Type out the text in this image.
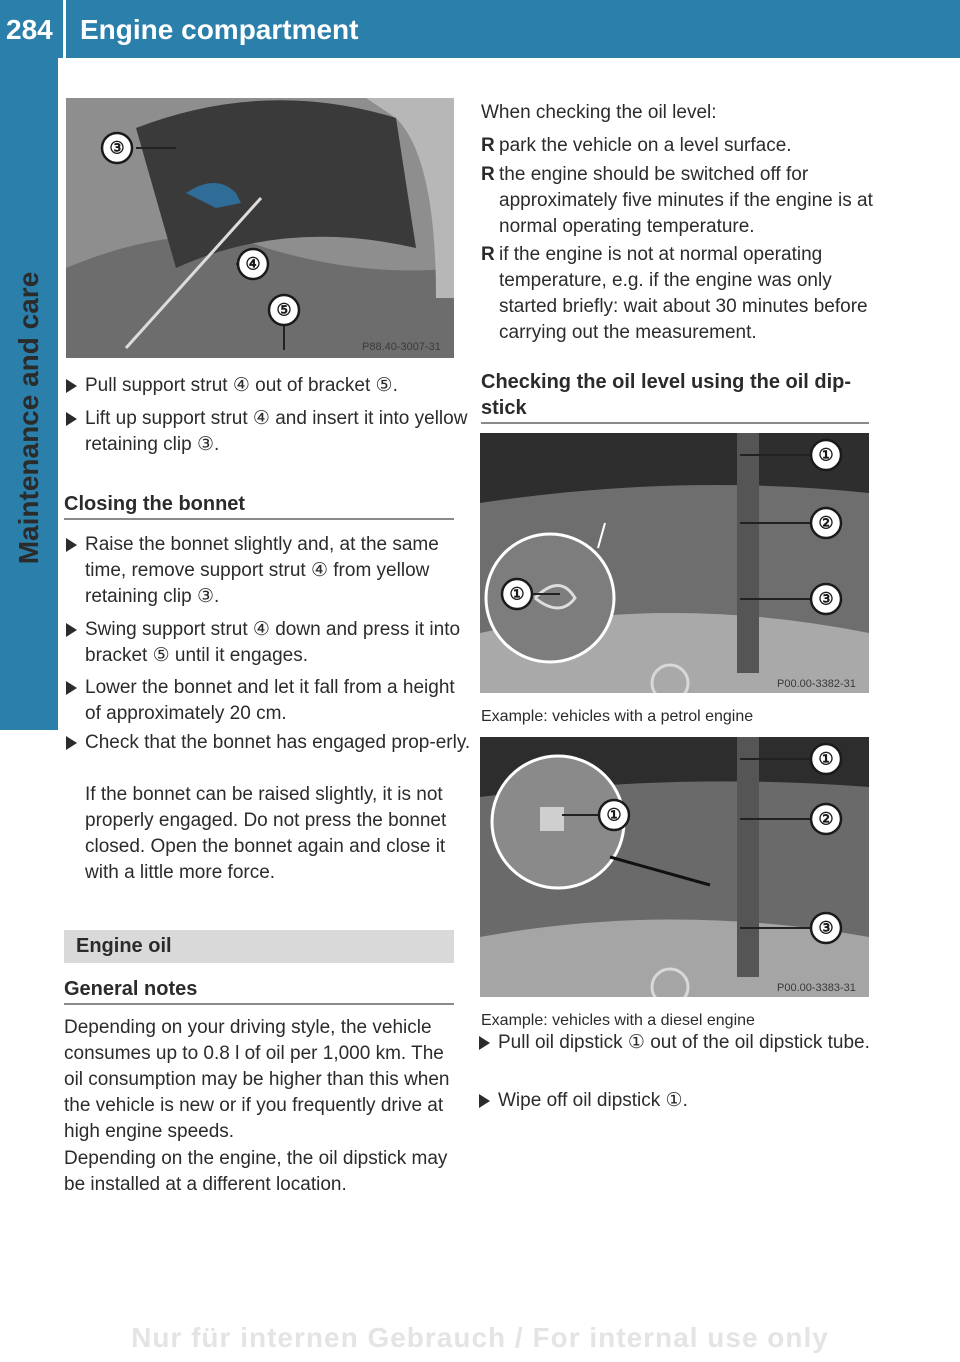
284 Engine compartment
Maintenance and care
③
④
⑤
P88.40-3007-31
Pull support strut ④ out of bracket ⑤.
Lift up support strut ④ and insert it into yellow retaining clip ③.
Closing the bonnet
Raise the bonnet slightly and, at the same time, remove support strut ④ from yellow retaining clip ③.
Swing support strut ④ down and press it into bracket ⑤ until it engages.
Lower the bonnet and let it fall from a height of approximately 20 cm.
Check that the bonnet has engaged prop-erly.
If the bonnet can be raised slightly, it is not properly engaged. Do not press the bonnet closed. Open the bonnet again and close it with a little more force.
Engine oil
General notes
Depending on your driving style, the vehicle consumes up to 0.8 l of oil per 1,000 km. The oil consumption may be higher than this when the vehicle is new or if you frequently drive at high engine speeds.
Depending on the engine, the oil dipstick may be installed at a different location.
When checking the oil level:
R park the vehicle on a level surface.
R the engine should be switched off for approximately five minutes if the engine is at normal operating temperature.
R if the engine is not at normal operating temperature, e.g. if the engine was only started briefly: wait about 30 minutes before carrying out the measurement.
Checking the oil level using the oil dip-stick
①
①
②
③
P00.00-3382-31
Example: vehicles with a petrol engine
①
①
②
③
P00.00-3383-31
Example: vehicles with a diesel engine
Pull oil dipstick ① out of the oil dipstick tube.
Wipe off oil dipstick ①.
Nur für internen Gebrauch / For internal use only
